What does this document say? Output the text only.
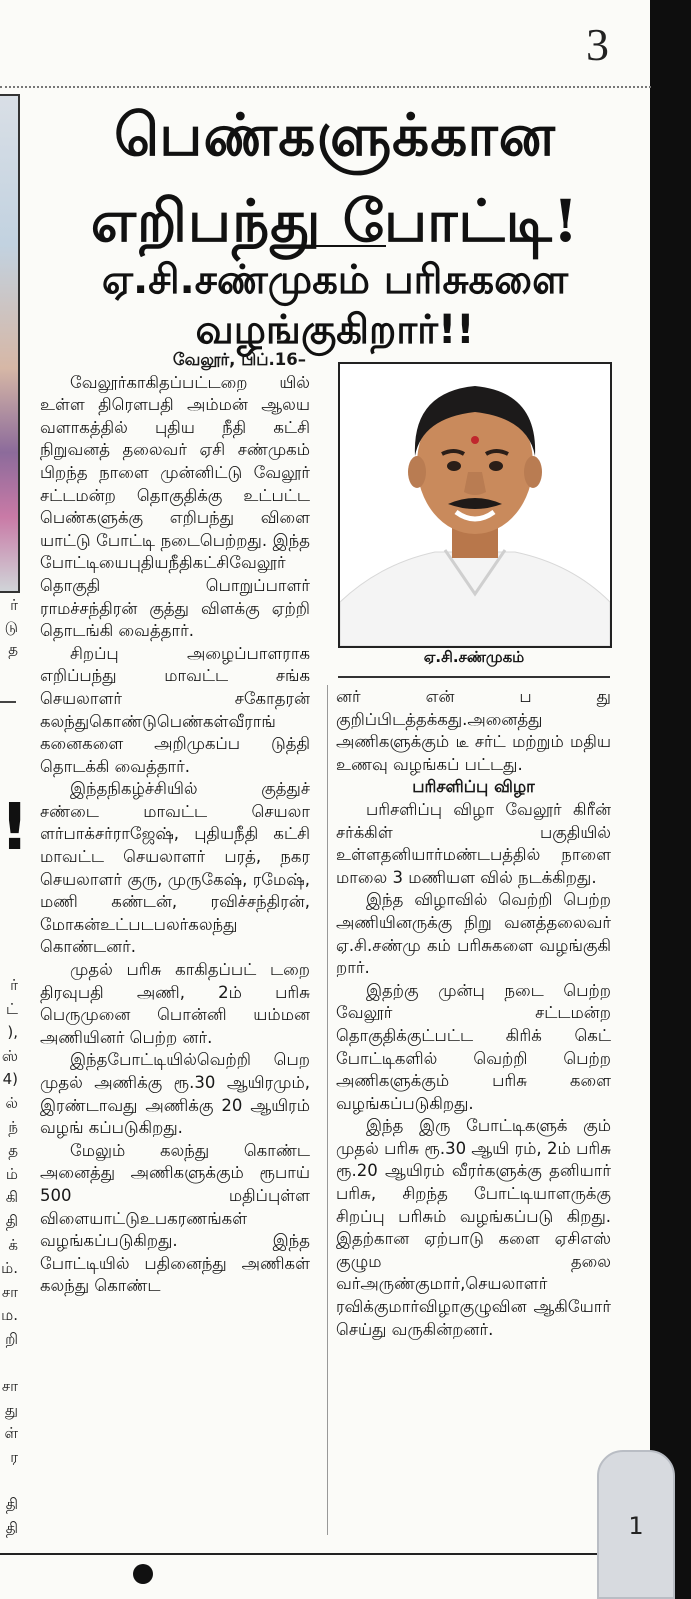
3
ர்
டு
த
!
ர்
ட்
),
ஸ்
4)
ல்
ந்
த
ம்
கி
தி
க்
ம்.
சா
ம.
றி

சா
து
ள்
ர

தி
தி
பெண்களுக்கான
எறிபந்து போட்டி!
ஏ.சி.சண்முகம் பரிசுகளை
வழங்குகிறார்!!

வேலூர், பிப்.16–

வேலூர்காகிதப்பட்டறை யில் உள்ள திரௌபதி அம்மன் ஆலய வளாகத்தில் புதிய நீதி கட்சி நிறுவனத் தலைவர் ஏசி சண்முகம் பிறந்த நாளை முன்னிட்டு வேலூர் சட்டமன்ற தொகுதிக்கு உட்பட்ட பெண்களுக்கு எறிபந்து விளை யாட்டு போட்டி நடைபெற்றது. இந்த போட்டியைபுதியநீதிகட்சிவேலூர் தொகுதி பொறுப்பாளர் ராமச்சந்திரன் குத்து விளக்கு ஏற்றி தொடங்கி வைத்தார்.

சிறப்பு அழைப்பாளராக எறிப்பந்து மாவட்ட சங்க செயலாளர் சகோதரன் கலந்துகொண்டுபெண்கள்வீராங் கனைகளை அறிமுகப்ப டுத்தி தொடக்கி வைத்தார்.

இந்தநிகழ்ச்சியில் குத்துச் சண்டை மாவட்ட செயலா ளர்பாக்சர்ராஜேஷ், புதியநீதி கட்சி மாவட்ட செயலாளர் பரத், நகர செயலாளர் குரு, முருகேஷ், ரமேஷ், மணி கண்டன், ரவிச்சந்திரன், மோகன்உட்படபலர்கலந்து கொண்டனர்.

முதல் பரிசு காகிதப்பட் டறை திரவுபதி அணி, 2ம் பரிசு பெருமுனை பொன்னி யம்மன அணியினர் பெற்ற னர்.

இந்தபோட்டியில்வெற்றி பெற முதல் அணிக்கு ரூ.30 ஆயிரமும், இரண்டாவது அணிக்கு 20 ஆயிரம் வழங் கப்படுகிறது.

மேலும் கலந்து கொண்ட அனைத்து அணிகளுக்கும் ரூபாய் 500 மதிப்புள்ள விளையாட்டுஉபகரணங்கள் வழங்கப்படுகிறது. இந்த போட்டியில் பதினைந்து அணிகள் கலந்து கொண்ட

ஏ.சி.சண்முகம்

னர் என் ப து குறிப்பிடத்தக்கது.அனைத்து அணிகளுக்கும் டீ சர்ட் மற்றும் மதிய உணவு வழங்கப் பட்டது.

பரிசளிப்பு விழா

பரிசளிப்பு விழா வேலூர் கிரீன் சர்க்கிள் பகுதியில் உள்ளதனியார்மண்டபத்தில் நாளை மாலை 3 மணியள வில் நடக்கிறது.

இந்த விழாவில் வெற்றி பெற்ற அணியினருக்கு நிறு வனத்தலைவர் ஏ.சி.சண்மு கம் பரிசுகளை வழங்குகி றார்.

இதற்கு முன்பு நடை பெற்ற வேலூர் சட்டமன்ற தொகுதிக்குட்பட்ட கிரிக் கெட் போட்டிகளில் வெற்றி பெற்ற அணிகளுக்கும் பரிசு களை வழங்கப்படுகிறது.

இந்த இரு போட்டிகளுக் கும் முதல் பரிசு ரூ.30 ஆயி ரம், 2ம் பரிசு ரூ.20 ஆயிரம் வீரர்களுக்கு தனியார் பரிசு, சிறந்த போட்டியாளருக்கு சிறப்பு பரிசும் வழங்கப்படு கிறது. இதற்கான ஏற்பாடு களை ஏசிஎஸ் குழும தலை வர்அருண்குமார்,செயலாளர் ரவிக்குமார்விழாகுழுவின ஆகியோர் செய்து வருகின்றனர்.

1
